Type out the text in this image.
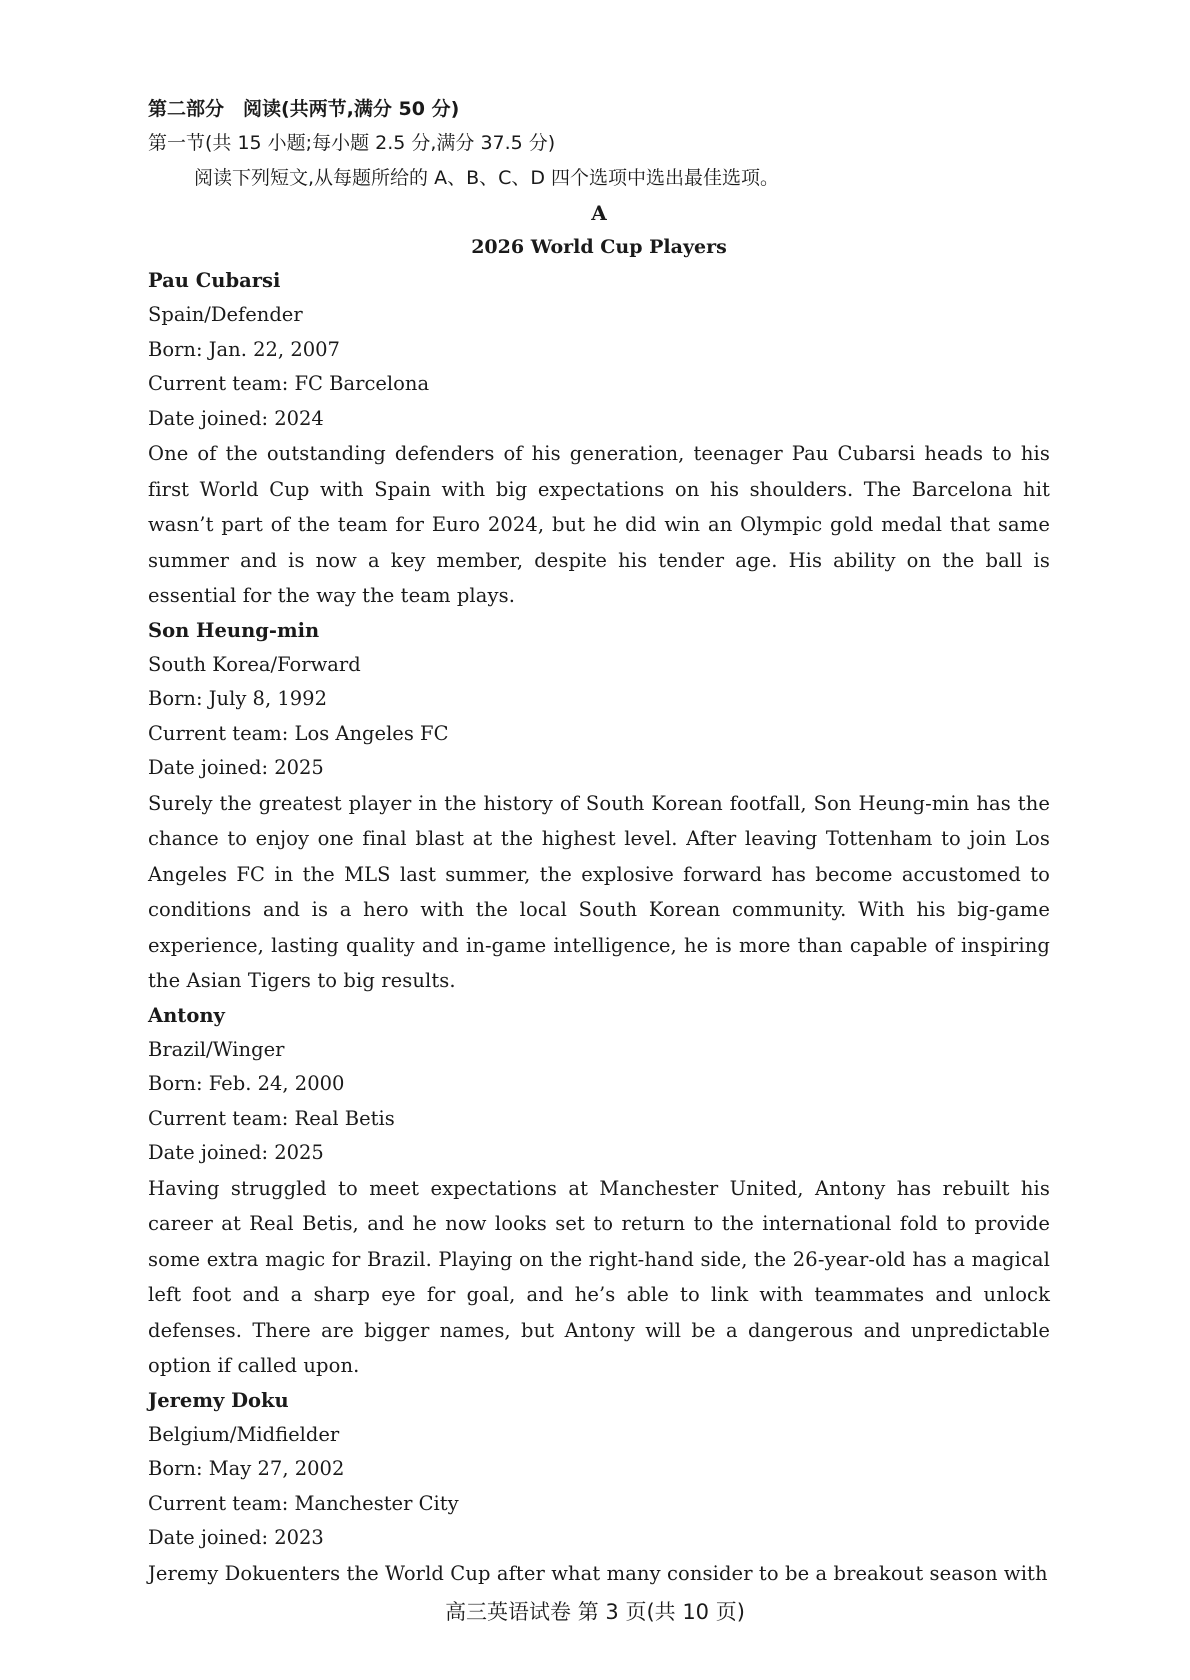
第二部分　阅读(共两节,满分 50 分)

第一节(共 15 小题;每小题 2.5 分,满分 37.5 分)

阅读下列短文,从每题所给的 A、B、C、D 四个选项中选出最佳选项。

A

2026 World Cup Players

Pau Cubarsi

Spain/Defender

Born: Jan. 22, 2007

Current team: FC Barcelona

Date joined: 2024

One of the outstanding defenders of his generation, teenager Pau Cubarsi heads to his first World Cup with Spain with big expectations on his shoulders. The Barcelona hit wasn’t part of the team for Euro 2024, but he did win an Olympic gold medal that same summer and is now a key member, despite his tender age. His ability on the ball is essential for the way the team plays.

Son Heung-min

South Korea/Forward

Born: July 8, 1992

Current team: Los Angeles FC

Date joined: 2025

Surely the greatest player in the history of South Korean footfall, Son Heung-min has the chance to enjoy one final blast at the highest level. After leaving Tottenham to join Los Angeles FC in the MLS last summer, the explosive forward has become accustomed to conditions and is a hero with the local South Korean community. With his big-game experience, lasting quality and in-game intelligence, he is more than capable of inspiring the Asian Tigers to big results.

Antony

Brazil/Winger

Born: Feb. 24, 2000

Current team: Real Betis

Date joined: 2025

Having struggled to meet expectations at Manchester United, Antony has rebuilt his career at Real Betis, and he now looks set to return to the international fold to provide some extra magic for Brazil. Playing on the right-hand side, the 26-year-old has a magical left foot and a sharp eye for goal, and he’s able to link with teammates and unlock defenses. There are bigger names, but Antony will be a dangerous and unpredictable option if called upon.

Jeremy Doku

Belgium/Midfielder

Born: May 27, 2002

Current team: Manchester City

Date joined: 2023

Jeremy Dokuenters the World Cup after what many consider to be a breakout season with

高三英语试卷 第 3 页(共 10 页)
